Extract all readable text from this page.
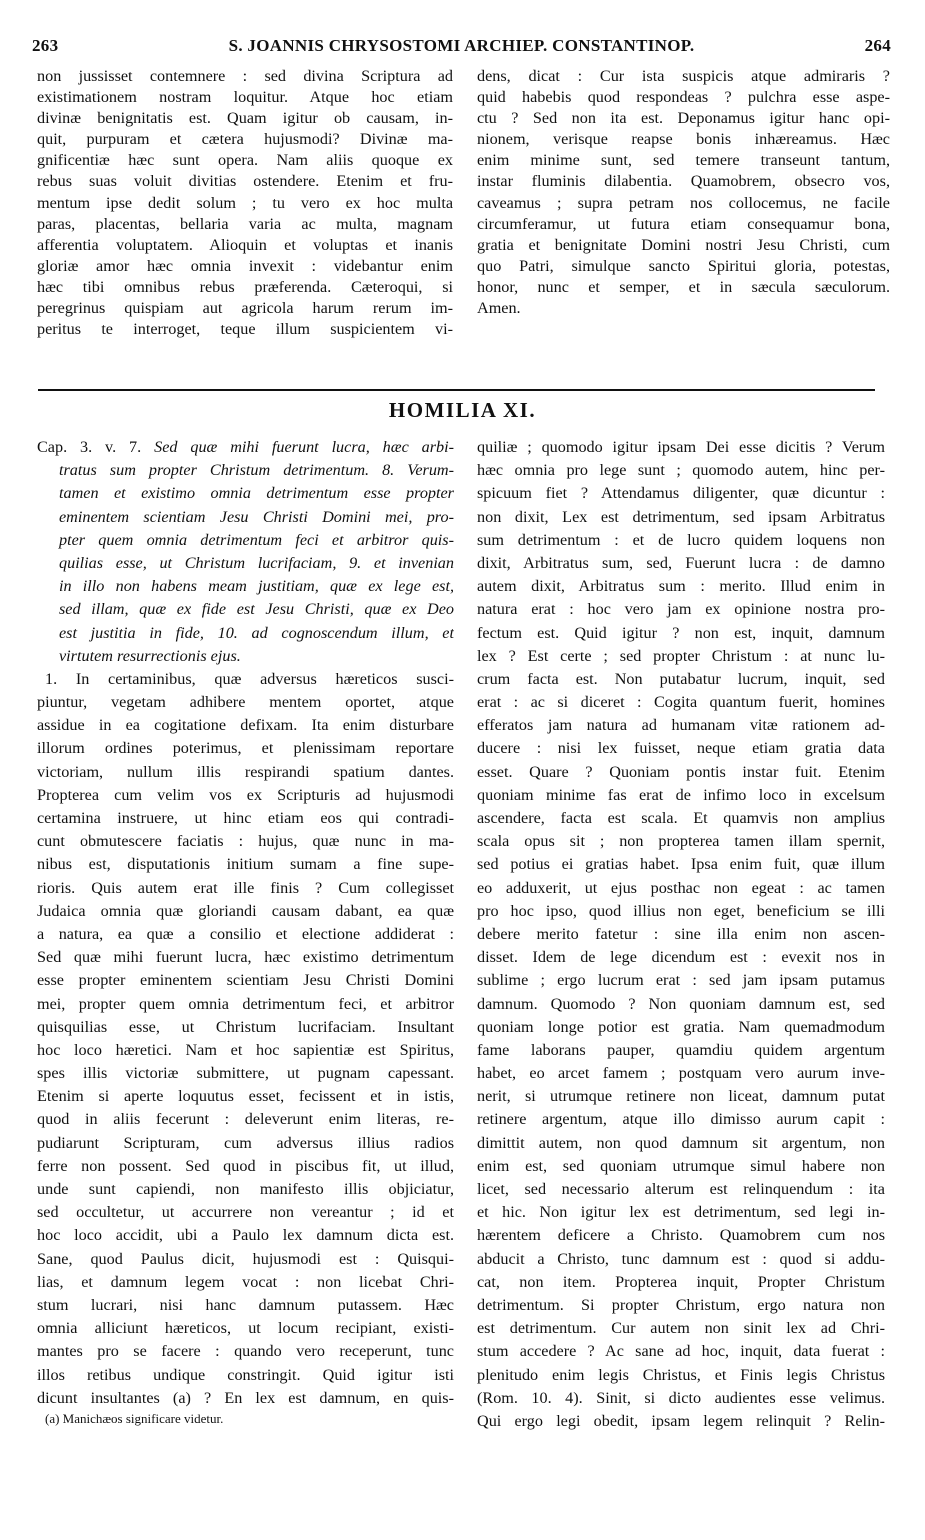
263	S. JOANNIS CHRYSOSTOMI ARCHIEP. CONSTANTINOP.	264
non jussisset contemnere : sed divina Scriptura ad
existimationem nostram loquitur. Atque hoc etiam
divinæ benignitatis est. Quam igitur ob causam, in-
quit, purpuram et cætera hujusmodi? Divinæ ma-
gnificentiæ hæc sunt opera. Nam aliis quoque ex
rebus suas voluit divitias ostendere. Etenim et fru-
mentum ipse dedit solum ; tu vero ex hoc multa
paras, placentas, bellaria varia ac multa, magnam
afferentia voluptatem. Alioquin et voluptas et inanis
gloriæ amor hæc omnia invexit : videbantur enim
hæc tibi omnibus rebus præferenda. Cæteroqui, si
peregrinus quispiam aut agricola harum rerum im-
peritus te interroget, teque illum suspicientem vi-
dens, dicat : Cur ista suspicis atque admiraris ?
quid habebis quod respondeas ? pulchra esse aspe-
ctu ? Sed non ita est. Deponamus igitur hanc opi-
nionem, verisque reapse bonis inhæreamus. Hæc
enim minime sunt, sed temere transeunt tantum,
instar fluminis dilabentia. Quamobrem, obsecro vos,
caveamus ; supra petram nos collocemus, ne facile
circumferamur, ut futura etiam consequamur bona,
gratia et benignitate Domini nostri Jesu Christi, cum
quo Patri, simulque sancto Spiritui gloria, potestas,
honor, nunc et semper, et in sæcula sæculorum.
Amen.
HOMILIA XI.
Cap. 3. v. 7. Sed quæ mihi fuerunt lucra, hæc arbi-
tratus sum propter Christum detrimentum. 8. Verum-
tamen et existimo omnia detrimentum esse propter
eminentem scientiam Jesu Christi Domini mei, pro-
pter quem omnia detrimentum feci et arbitror quis-
quilias esse, ut Christum lucrifaciam, 9. et invenian
in illo non habens meam justitiam, quæ ex lege est,
sed illam, quæ ex fide est Jesu Christi, quæ ex Deo
est justitia in fide, 10. ad cognoscendum illum, et
virtutem resurrectionis ejus.
1. In certaminibus, quæ adversus hæreticos susci-
piuntur, vegetam adhibere mentem oportet, atque
assidue in ea cogitatione defixam. Ita enim disturbare
illorum ordines poterimus, et plenissimam reportare
victoriam, nullum illis respirandi spatium dantes.
Propterea cum velim vos ex Scripturis ad hujusmodi
certamina instruere, ut hinc etiam eos qui contradi-
cunt obmutescere faciatis : hujus, quæ nunc in ma-
nibus est, disputationis initium sumam a fine supe-
rioris. Quis autem erat ille finis ? Cum collegisset
Judaica omnia quæ gloriandi causam dabant, ea quæ
a natura, ea quæ a consilio et electione addiderat :
Sed quæ mihi fuerunt lucra, hæc existimo detrimentum
esse propter eminentem scientiam Jesu Christi Domini
mei, propter quem omnia detrimentum feci, et arbitror
quisquilias esse, ut Christum lucrifaciam. Insultant
hoc loco hæretici. Nam et hoc sapientiæ est Spiritus,
spes illis victoriæ submittere, ut pugnam capessant.
Etenim si aperte loquutus esset, fecissent et in istis,
quod in aliis fecerunt : deleverunt enim literas, re-
pudiarunt Scripturam, cum adversus illius radios
ferre non possent. Sed quod in piscibus fit, ut illud,
unde sunt capiendi, non manifesto illis objiciatur,
sed occultetur, ut accurrere non vereantur ; id et
hoc loco accidit, ubi a Paulo lex damnum dicta est.
Sane, quod Paulus dicit, hujusmodi est : Quisqui-
lias, et damnum legem vocat : non licebat Chri-
stum lucrari, nisi hanc damnum putassem. Hæc
omnia alliciunt hæreticos, ut locum recipiant, existi-
mantes pro se facere : quando vero receperunt, tunc
illos retibus undique constringit. Quid igitur isti
dicunt insultantes (a) ? En lex est damnum, en quis-
(a) Manichæos significare videtur.
quiliæ ; quomodo igitur ipsam Dei esse dicitis ? Verum
hæc omnia pro lege sunt ; quomodo autem, hinc per-
spicuum fiet ? Attendamus diligenter, quæ dicuntur :
non dixit, Lex est detrimentum, sed ipsam Arbitratus
sum detrimentum : et de lucro quidem loquens non
dixit, Arbitratus sum, sed, Fuerunt lucra : de damno
autem dixit, Arbitratus sum : merito. Illud enim in
natura erat : hoc vero jam ex opinione nostra pro-
fectum est. Quid igitur ? non est, inquit, damnum
lex ? Est certe ; sed propter Christum : at nunc lu-
crum facta est. Non putabatur lucrum, inquit, sed
erat : ac si diceret : Cogita quantum fuerit, homines
efferatos jam natura ad humanam vitæ rationem ad-
ducere : nisi lex fuisset, neque etiam gratia data
esset. Quare ? Quoniam pontis instar fuit. Etenim
quoniam minime fas erat de infimo loco in excelsum
ascendere, facta est scala. Et quamvis non amplius
scala opus sit ; non propterea tamen illam spernit,
sed potius ei gratias habet. Ipsa enim fuit, quæ illum
eo adduxerit, ut ejus posthac non egeat : ac tamen
pro hoc ipso, quod illius non eget, beneficium se illi
debere merito fatetur : sine illa enim non ascen-
disset. Idem de lege dicendum est : evexit nos in
sublime ; ergo lucrum erat : sed jam ipsam putamus
damnum. Quomodo ? Non quoniam damnum est, sed
quoniam longe potior est gratia. Nam quemadmodum
fame laborans pauper, quamdiu quidem argentum
habet, eo arcet famem ; postquam vero aurum inve-
nerit, si utrumque retinere non liceat, damnum putat
retinere argentum, atque illo dimisso aurum capit :
dimittit autem, non quod damnum sit argentum, non
enim est, sed quoniam utrumque simul habere non
licet, sed necessario alterum est relinquendum : ita
et hic. Non igitur lex est detrimentum, sed legi in-
hærentem deficere a Christo. Quamobrem cum nos
abducit a Christo, tunc damnum est : quod si addu-
cat, non item. Propterea inquit, Propter Christum
detrimentum. Si propter Christum, ergo natura non
est detrimentum. Cur autem non sinit lex ad Chri-
stum accedere ? Ac sane ad hoc, inquit, data fuerat :
plenitudo enim legis Christus, et Finis legis Christus
(Rom. 10. 4). Sinit, si dicto audientes esse velimus.
Qui ergo legi obedit, ipsam legem relinquit ? Relin-
